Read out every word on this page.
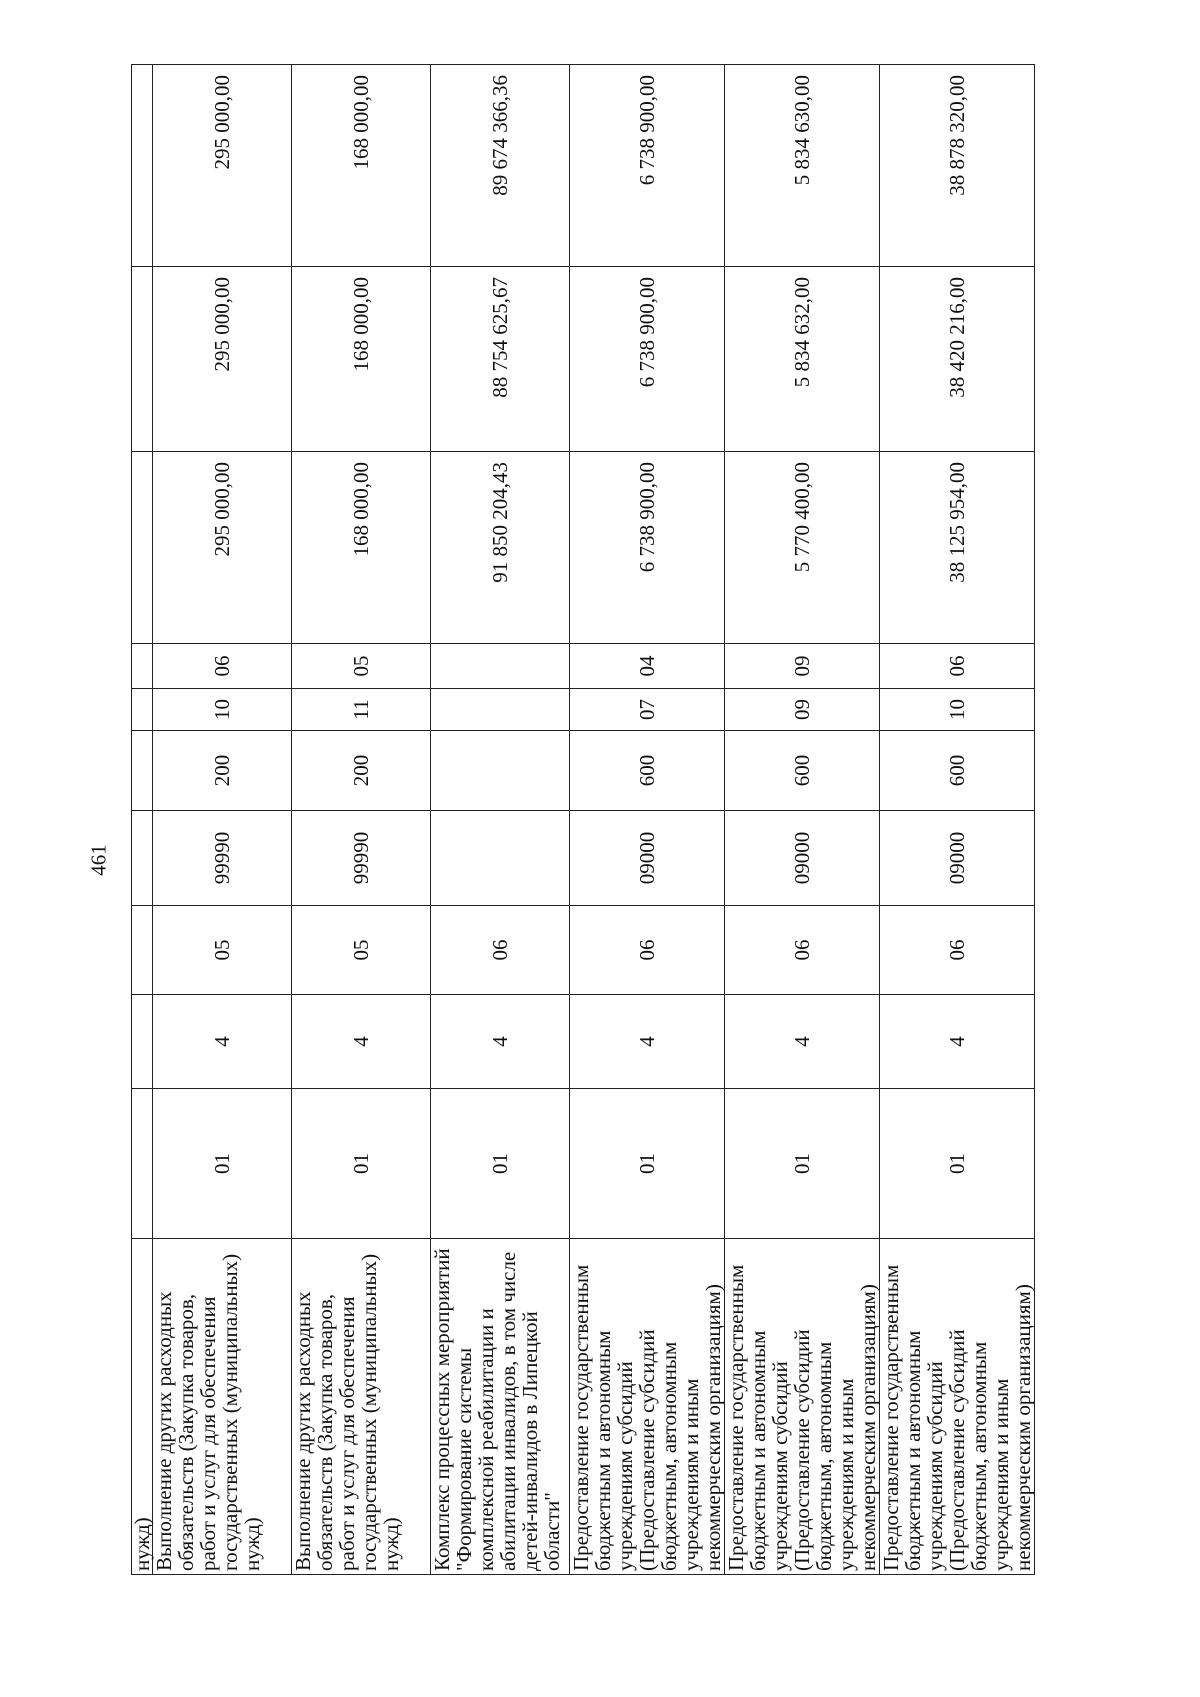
461
нужд)										
Выполнение других расходных обязательств (Закупка товаров, работ и услуг для обеспечения государственных (муниципальных) нужд)	01	4	05	99990	200	10	06	295 000,00	295 000,00	295 000,00
Выполнение других расходных обязательств (Закупка товаров, работ и услуг для обеспечения государственных (муниципальных) нужд)	01	4	05	99990	200	11	05	168 000,00	168 000,00	168 000,00
Комплекс процессных мероприятий "Формирование системы комплексной реабилитации и абилитации инвалидов, в том числе детей-инвалидов в Липецкой области"	01	4	06					91 850 204,43	88 754 625,67	89 674 366,36
Предоставление государственным бюджетным и автономным учреждениям субсидий (Предоставление субсидий бюджетным, автономным учреждениям и иным некоммерческим организациям)	01	4	06	09000	600	07	04	6 738 900,00	6 738 900,00	6 738 900,00
Предоставление государственным бюджетным и автономным учреждениям субсидий (Предоставление субсидий бюджетным, автономным учреждениям и иным некоммерческим организациям)	01	4	06	09000	600	09	09	5 770 400,00	5 834 632,00	5 834 630,00
Предоставление государственным бюджетным и автономным учреждениям субсидий (Предоставление субсидий бюджетным, автономным учреждениям и иным некоммерческим организациям)	01	4	06	09000	600	10	06	38 125 954,00	38 420 216,00	38 878 320,00
